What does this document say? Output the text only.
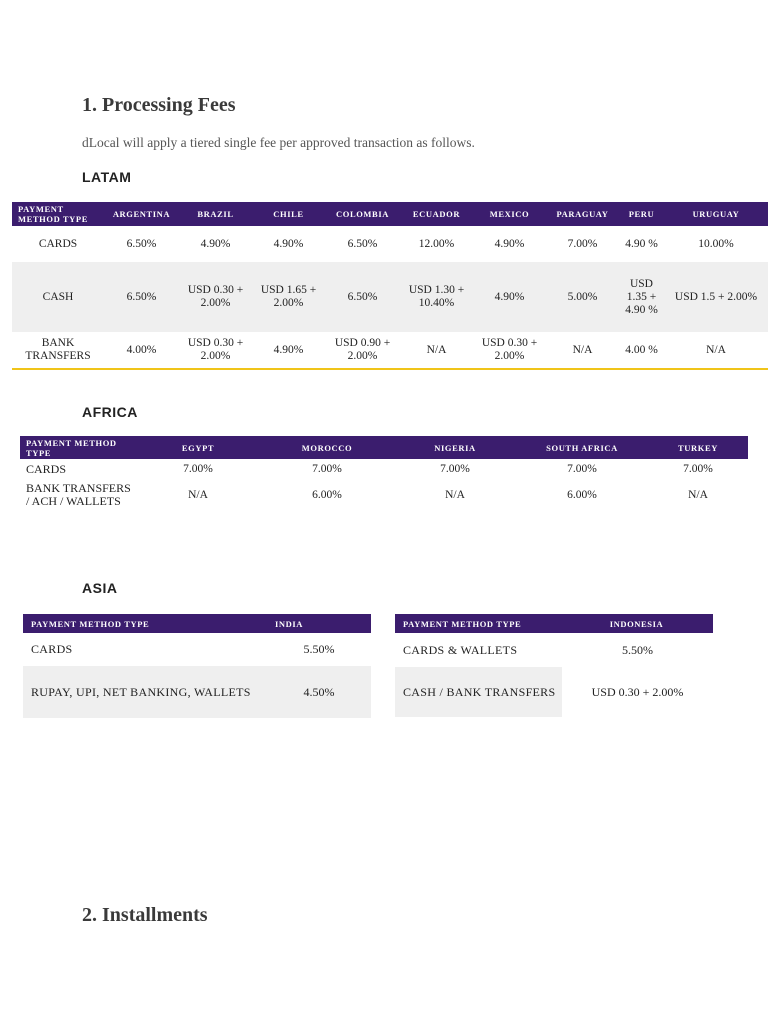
1. Processing Fees
dLocal will apply a tiered single fee per approved transaction as follows.
LATAM
PAYMENT METHOD TYPE	ARGENTINA	BRAZIL	CHILE	COLOMBIA	ECUADOR	MEXICO	PARAGUAY	PERU	URUGUAY
CARDS	6.50%	4.90%	4.90%	6.50%	12.00%	4.90%	7.00%	4.90 %	10.00%
CASH	6.50%	USD 0.30 + 2.00%	USD 1.65 + 2.00%	6.50%	USD 1.30 + 10.40%	4.90%	5.00%	USD 1.35 + 4.90 %	USD 1.5 + 2.00%
BANK TRANSFERS	4.00%	USD 0.30 + 2.00%	4.90%	USD 0.90 + 2.00%	N/A	USD 0.30 + 2.00%	N/A	4.00 %	N/A
AFRICA
PAYMENT METHOD TYPE	EGYPT	MOROCCO	NIGERIA	SOUTH AFRICA	TURKEY
CARDS	7.00%	7.00%	7.00%	7.00%	7.00%
BANK TRANSFERS / ACH / WALLETS	N/A	6.00%	N/A	6.00%	N/A
ASIA
PAYMENT METHOD TYPE	INDIA
CARDS	5.50%
RUPAY, UPI, NET BANKING, WALLETS	4.50%
PAYMENT METHOD TYPE	INDONESIA
CARDS & WALLETS	5.50%
CASH / BANK TRANSFERS	USD 0.30 + 2.00%
2. Installments
